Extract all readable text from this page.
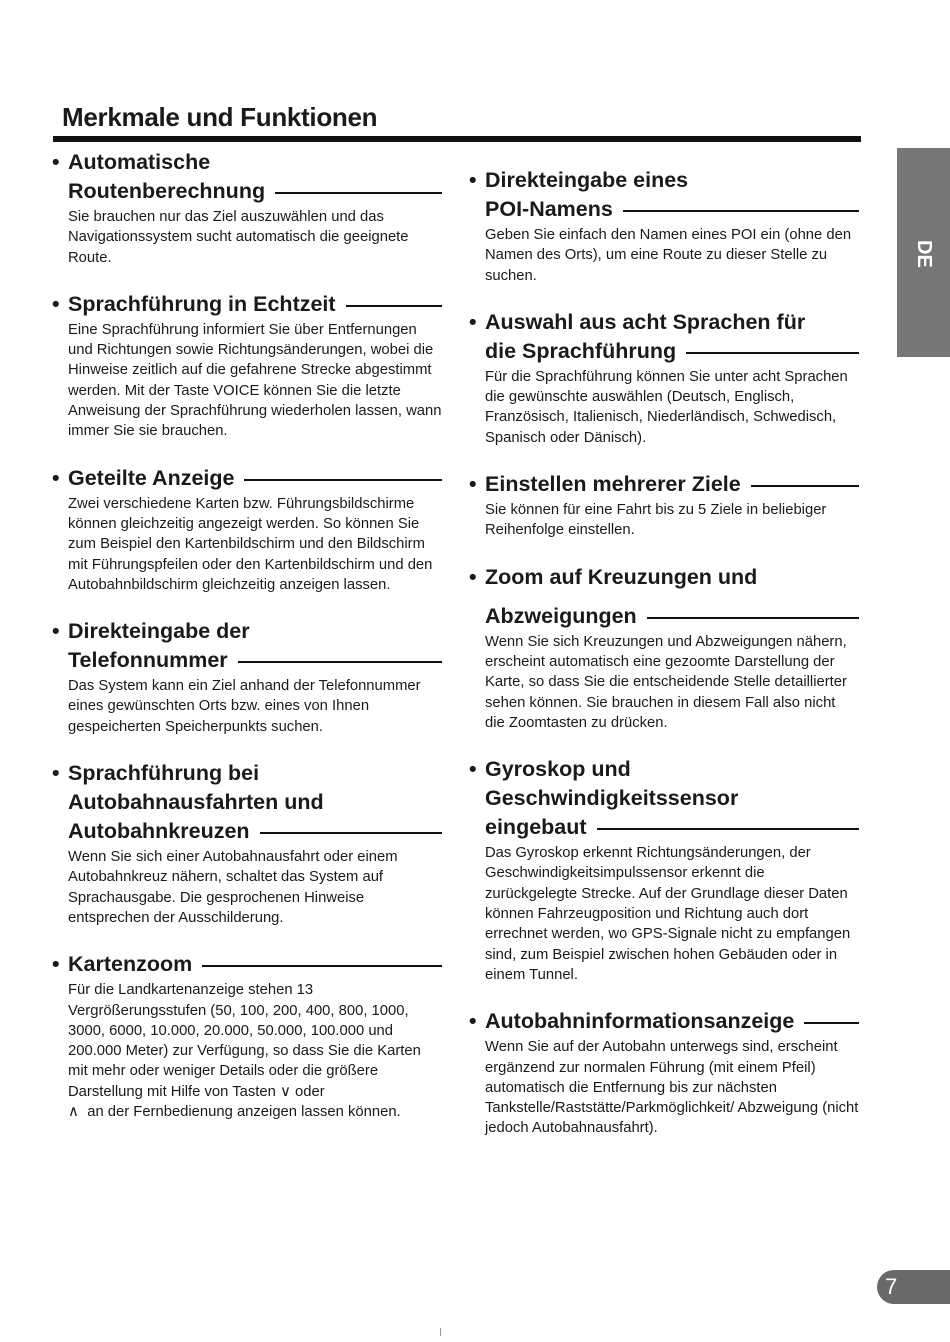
Merkmale und Funktionen
DE
• Automatische
Routenberechnung

Sie brauchen nur das Ziel auszuwählen und das Navigationssystem sucht automatisch die geeignete Route.

• Sprachführung in Echtzeit

Eine Sprachführung informiert Sie über Entfernungen und Richtungen sowie Richtungsänderungen, wobei die Hinweise zeitlich auf die gefahrene Strecke abgestimmt werden. Mit der Taste VOICE können Sie die letzte Anweisung der Sprachführung wiederholen lassen, wann immer Sie sie brauchen.

• Geteilte Anzeige

Zwei verschiedene Karten bzw. Führungsbildschirme können gleichzeitig angezeigt werden. So können Sie zum Beispiel den Kartenbildschirm und den Bildschirm mit Führungspfeilen oder den Kartenbildschirm und den Autobahnbildschirm gleichzeitig anzeigen lassen.

• Direkteingabe der
Telefonnummer

Das System kann ein Ziel anhand der Telefonnummer eines gewünschten Orts bzw. eines von Ihnen gespeicherten Speicherpunkts suchen.

• Sprachführung bei
Autobahnausfahrten und
Autobahnkreuzen

Wenn Sie sich einer Autobahnausfahrt oder einem Autobahnkreuz nähern, schaltet das System auf Sprachausgabe. Die gesprochenen Hinweise entsprechen der Ausschilderung.

• Kartenzoom

Für die Landkartenanzeige stehen 13 Vergrößerungsstufen (50, 100, 200, 400, 800, 1000, 3000, 6000, 10.000, 20.000, 50.000, 100.000 und 200.000 Meter) zur Verfügung, so dass Sie die Karten mit mehr oder weniger Details oder die größere Darstellung mit Hilfe von Tasten ∨ oder
∧ an der Fernbedienung anzeigen lassen können.

• Direkteingabe eines
POI-Namens

Geben Sie einfach den Namen eines POI ein (ohne den Namen des Orts), um eine Route zu dieser Stelle zu suchen.

• Auswahl aus acht Sprachen für
die Sprachführung

Für die Sprachführung können Sie unter acht Sprachen die gewünschte auswählen (Deutsch, Englisch, Französisch, Italienisch, Niederländisch, Schwedisch, Spanisch oder Dänisch).

• Einstellen mehrerer Ziele

Sie können für eine Fahrt bis zu 5 Ziele in beliebiger Reihenfolge einstellen.

• Zoom auf Kreuzungen und
Abzweigungen

Wenn Sie sich Kreuzungen und Abzweigungen nähern, erscheint automatisch eine gezoomte Darstellung der Karte, so dass Sie die entscheidende Stelle detaillierter sehen können. Sie brauchen in diesem Fall also nicht die Zoomtasten zu drücken.

• Gyroskop und
Geschwindigkeitssensor
eingebaut

Das Gyroskop erkennt Richtungsänderungen, der Geschwindigkeitsimpulssensor erkennt die zurückgelegte Strecke. Auf der Grundlage dieser Daten können Fahrzeugposition und Richtung auch dort errechnet werden, wo GPS-Signale nicht zu empfangen sind, zum Beispiel zwischen hohen Gebäuden oder in einem Tunnel.

• Autobahninformationsanzeige

Wenn Sie auf der Autobahn unterwegs sind, erscheint ergänzend zur normalen Führung (mit einem Pfeil) automatisch die Entfernung bis zur nächsten Tankstelle/Raststätte/Parkmöglichkeit/ Abzweigung (nicht jedoch Autobahnausfahrt).

7
